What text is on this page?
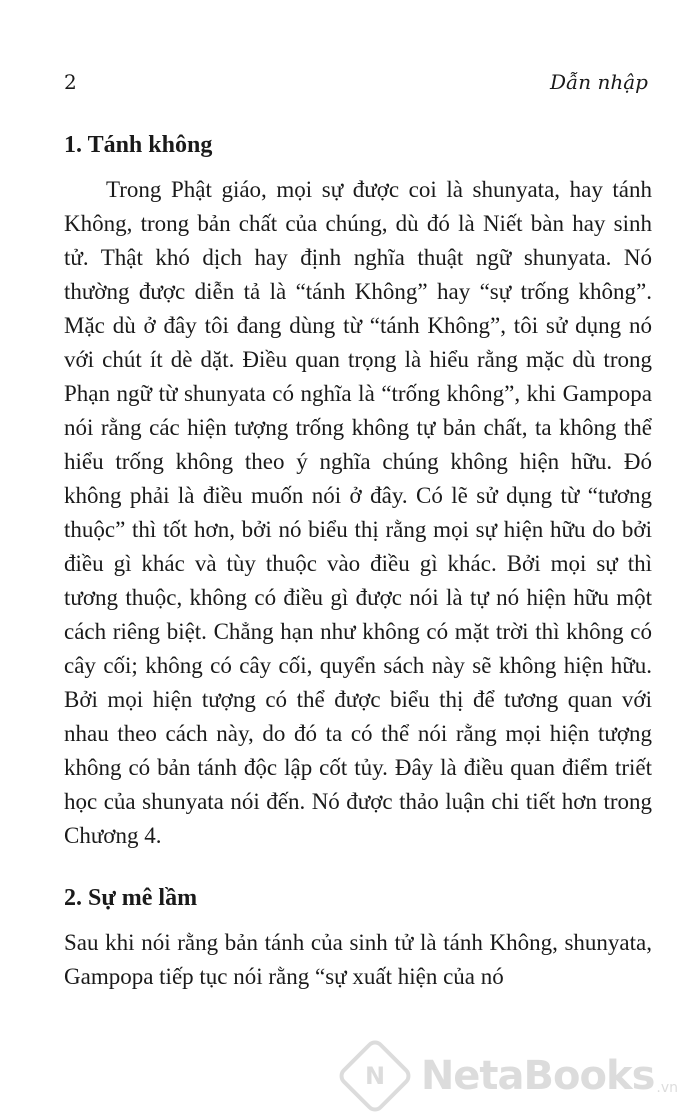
2	Dẫn nhập
1. Tánh không

Trong Phật giáo, mọi sự được coi là shunyata, hay tánh Không, trong bản chất của chúng, dù đó là Niết bàn hay sinh tử. Thật khó dịch hay định nghĩa thuật ngữ shunyata. Nó thường được diễn tả là “tánh Không” hay “sự trống không”. Mặc dù ở đây tôi đang dùng từ “tánh Không”, tôi sử dụng nó với chút ít dè dặt. Điều quan trọng là hiểu rằng mặc dù trong Phạn ngữ từ shunyata có nghĩa là “trống không”, khi Gampopa nói rằng các hiện tượng trống không tự bản chất, ta không thể hiểu trống không theo ý nghĩa chúng không hiện hữu. Đó không phải là điều muốn nói ở đây. Có lẽ sử dụng từ “tương thuộc” thì tốt hơn, bởi nó biểu thị rằng mọi sự hiện hữu do bởi điều gì khác và tùy thuộc vào điều gì khác. Bởi mọi sự thì tương thuộc, không có điều gì được nói là tự nó hiện hữu một cách riêng biệt. Chẳng hạn như không có mặt trời thì không có cây cối; không có cây cối, quyển sách này sẽ không hiện hữu. Bởi mọi hiện tượng có thể được biểu thị để tương quan với nhau theo cách này, do đó ta có thể nói rằng mọi hiện tượng không có bản tánh độc lập cốt tủy. Đây là điều quan điểm triết học của shunyata nói đến. Nó được thảo luận chi tiết hơn trong Chương 4.

2. Sự mê lầm

Sau khi nói rằng bản tánh của sinh tử là tánh Không, shunyata, Gampopa tiếp tục nói rằng “sự xuất hiện của nó

N NetaBooks .vn
